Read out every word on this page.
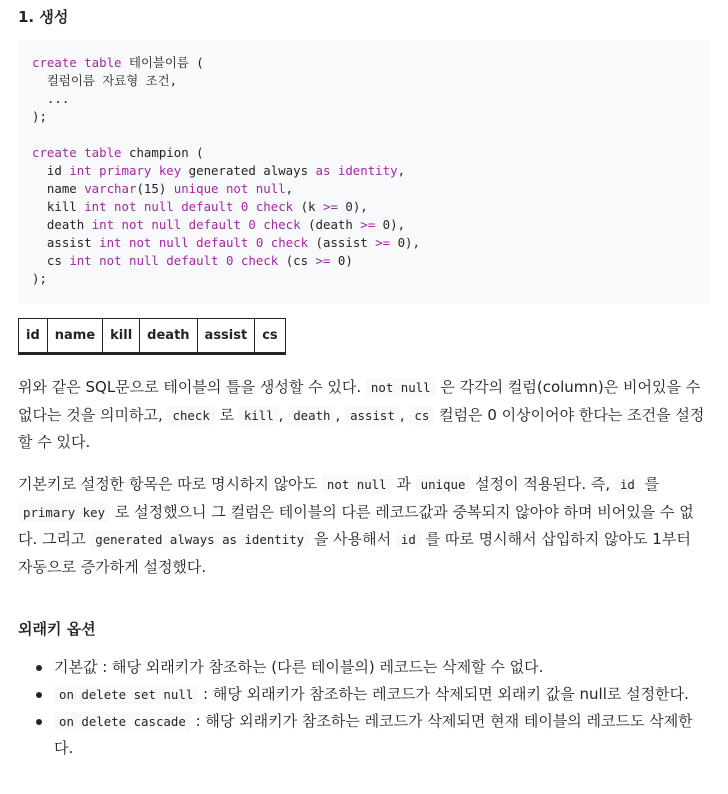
1. 생성
create table 테이블이름 (
컬럼이름 자료형 조건,
...
);

create table champion (
id int primary key generated always as identity,
name varchar(15) unique not null,
kill int not null default 0 check (k >= 0),
death int not null default 0 check (death >= 0),
assist int not null default 0 check (assist >= 0),
cs int not null default 0 check (cs >= 0)
);
id	name	kill	death	assist	cs

위와 같은 SQL문으로 테이블의 틀을 생성할 수 있다. not null 은 각각의 컬럼(column)은 비어있을 수 없다는 것을 의미하고, check 로 kill , death , assist , cs 컬럼은 0 이상이어야 한다는 조건을 설정할 수 있다.

기본키로 설정한 항목은 따로 명시하지 않아도 not null 과 unique 설정이 적용된다. 즉, id 를 primary key 로 설정했으니 그 컬럼은 테이블의 다른 레코드값과 중복되지 않아야 하며 비어있을 수 없다. 그리고 generated always as identity 을 사용해서 id 를 따로 명시해서 삽입하지 않아도 1부터 자동으로 증가하게 설정했다.

외래키 옵션
기본값 : 해당 외래키가 참조하는 (다른 테이블의) 레코드는 삭제할 수 없다.
on delete set null : 해당 외래키가 참조하는 레코드가 삭제되면 외래키 값을 null로 설정한다.
on delete cascade : 해당 외래키가 참조하는 레코드가 삭제되면 현재 테이블의 레코드도 삭제한다.
